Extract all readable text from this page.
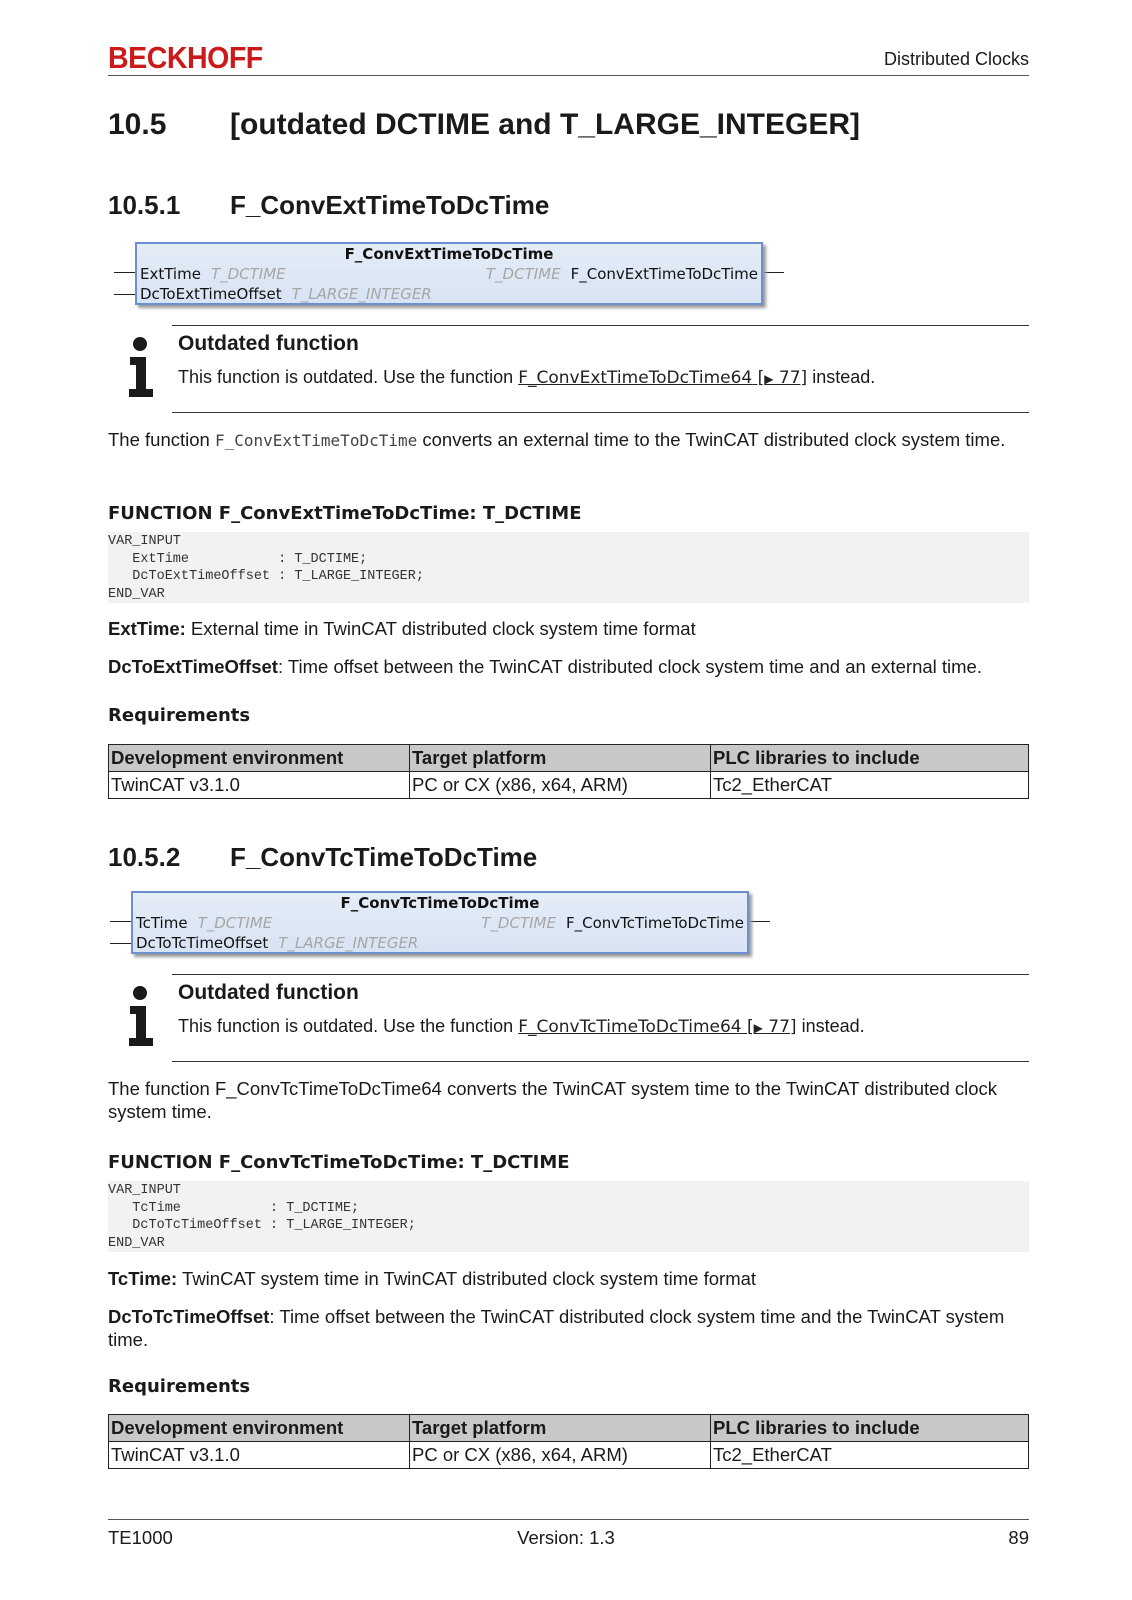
BECKHOFF	Distributed Clocks
10.5 [outdated DCTIME and T_LARGE_INTEGER]
10.5.1 F_ConvExtTimeToDcTime
F_ConvExtTimeToDcTime
ExtTime T_DCTIME
DcToExtTimeOffset T_LARGE_INTEGER
T_DCTIME F_ConvExtTimeToDcTime
Outdated function
This function is outdated. Use the function F_ConvExtTimeToDcTime64 [▶ 77] instead.
The function F_ConvExtTimeToDcTime converts an external time to the TwinCAT distributed clock system time.
FUNCTION F_ConvExtTimeToDcTime: T_DCTIME
VAR_INPUT
ExtTime           : T_DCTIME;
DcToExtTimeOffset : T_LARGE_INTEGER;
END_VAR
ExtTime: External time in TwinCAT distributed clock system time format
DcToExtTimeOffset: Time offset between the TwinCAT distributed clock system time and an external time.
Requirements
Development environment	Target platform	PLC libraries to include
TwinCAT v3.1.0	PC or CX (x86, x64, ARM)	Tc2_EtherCAT
10.5.2 F_ConvTcTimeToDcTime
F_ConvTcTimeToDcTime
TcTime T_DCTIME
DcToTcTimeOffset T_LARGE_INTEGER
T_DCTIME F_ConvTcTimeToDcTime
Outdated function
This function is outdated. Use the function F_ConvTcTimeToDcTime64 [▶ 77] instead.
The function F_ConvTcTimeToDcTime64 converts the TwinCAT system time to the TwinCAT distributed clock system time.
FUNCTION F_ConvTcTimeToDcTime: T_DCTIME
VAR_INPUT
TcTime           : T_DCTIME;
DcToTcTimeOffset : T_LARGE_INTEGER;
END_VAR
TcTime: TwinCAT system time in TwinCAT distributed clock system time format
DcToTcTimeOffset: Time offset between the TwinCAT distributed clock system time and the TwinCAT system time.
Requirements
Development environment	Target platform	PLC libraries to include
TwinCAT v3.1.0	PC or CX (x86, x64, ARM)	Tc2_EtherCAT
TE1000	Version: 1.3	89
